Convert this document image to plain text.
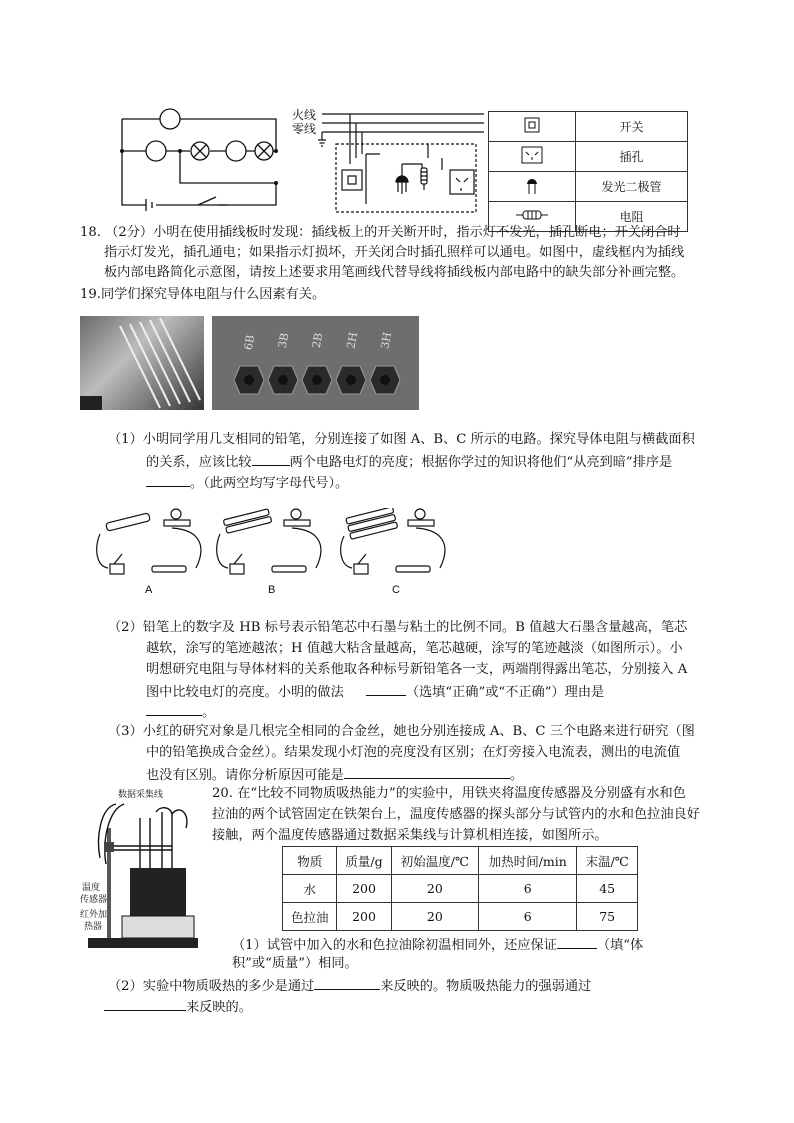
火线
零线
		开关
	插孔
	发光二极管
	电阻
18. （2分）小明在使用插线板时发现：插线板上的开关断开时，指示灯不发光，插孔断电；开关闭合时
指示灯发光，插孔通电；如果指示灯损坏，开关闭合时插孔照样可以通电。如图中，虚线框内为插线
板内部电路简化示意图，请按上述要求用笔画线代替导线将插线板内部电路中的缺失部分补画完整。
19.同学们探究导体电阻与什么因素有关。
6B 3B 2B 2H 3H
（1）小明同学用几支相同的铅笔，分别连接了如图 A、B、C 所示的电路。探究导体电阻与横截面积
的关系，应该比较	两个电路电灯的亮度；根据你学过的知识将他们“从亮到暗”排序是
。（此两空均写字母代号）。
A	B	C
（2）铅笔上的数字及 HB 标号表示铅笔芯中石墨与粘土的比例不同。B 值越大石墨含量越高，笔芯
越软，涂写的笔迹越浓；H 值越大粘含量越高，笔芯越硬，涂写的笔迹越淡（如图所示）。小
明想研究电阻与导体材料的关系他取各种标号新铅笔各一支，两端削得露出笔芯，分别接入 A
图中比较电灯的亮度。小明的做法	（选填“正确”或“不正确”）理由是
。
（3）小红的研究对象是几根完全相同的合金丝，她也分别连接成 A、B、C 三个电路来进行研究（图
中的铅笔换成合金丝）。结果发现小灯泡的亮度没有区别；在灯旁接入电流表，测出的电流值
也没有区别。请你分析原因可能是	。
数据采集线
温度
传感器
红外加
热器
20. 在“比较不同物质吸热能力”的实验中，用铁夹将温度传感器及分别盛有水和色
拉油的两个试管固定在铁架台上，温度传感器的探头部分与试管内的水和色拉油良好
接触，两个温度传感器通过数据采集线与计算机相连接，如图所示。
物质	质量/g	初始温度/℃	加热时间/min	末温/℃
水	200	20	6	45
色拉油	200	20	6	75
（1）试管中加入的水和色拉油除初温相同外，还应保证	（填“体
积”或“质量”）相同。
（2）实验中物质吸热的多少是通过	来反映的。物质吸热能力的强弱通过
来反映的。
